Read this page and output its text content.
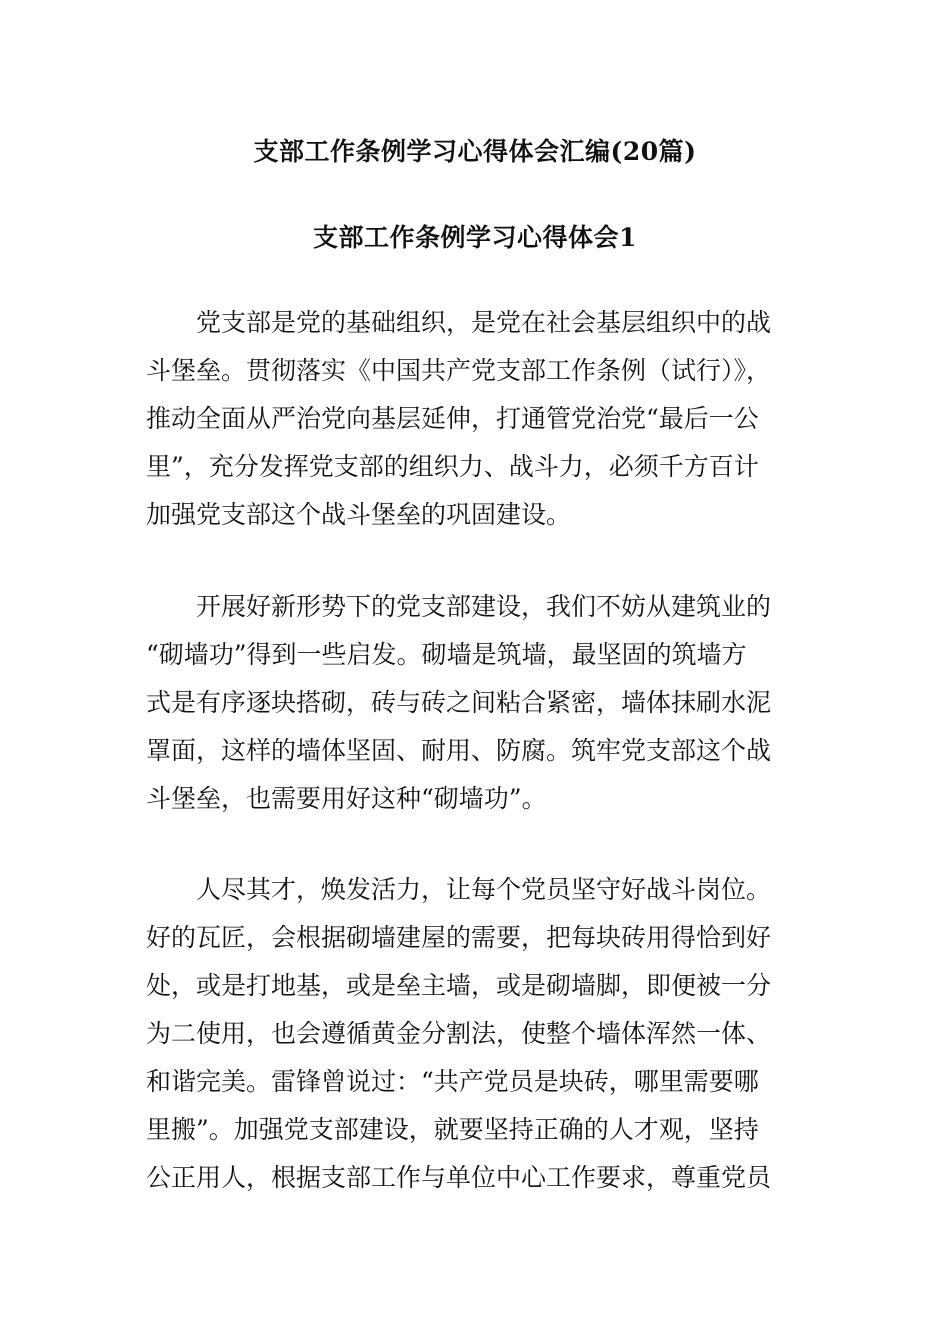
支部工作条例学习心得体会汇编(20篇)
支部工作条例学习心得体会1
党支部是党的基础组织，是党在社会基层组织中的战
斗堡垒。贯彻落实《中国共产党支部工作条例（试行）》，
推动全面从严治党向基层延伸，打通管党治党“最后一公
里”，充分发挥党支部的组织力、战斗力，必须千方百计
加强党支部这个战斗堡垒的巩固建设。
开展好新形势下的党支部建设，我们不妨从建筑业的
“砌墙功”得到一些启发。砌墙是筑墙，最坚固的筑墙方
式是有序逐块搭砌，砖与砖之间粘合紧密，墙体抹刷水泥
罩面，这样的墙体坚固、耐用、防腐。筑牢党支部这个战
斗堡垒，也需要用好这种“砌墙功”。
人尽其才，焕发活力，让每个党员坚守好战斗岗位。
好的瓦匠，会根据砌墙建屋的需要，把每块砖用得恰到好
处，或是打地基，或是垒主墙，或是砌墙脚，即便被一分
为二使用，也会遵循黄金分割法，使整个墙体浑然一体、
和谐完美。雷锋曾说过：“共产党员是块砖，哪里需要哪
里搬”。加强党支部建设，就要坚持正确的人才观，坚持
公正用人，根据支部工作与单位中心工作要求，尊重党员
